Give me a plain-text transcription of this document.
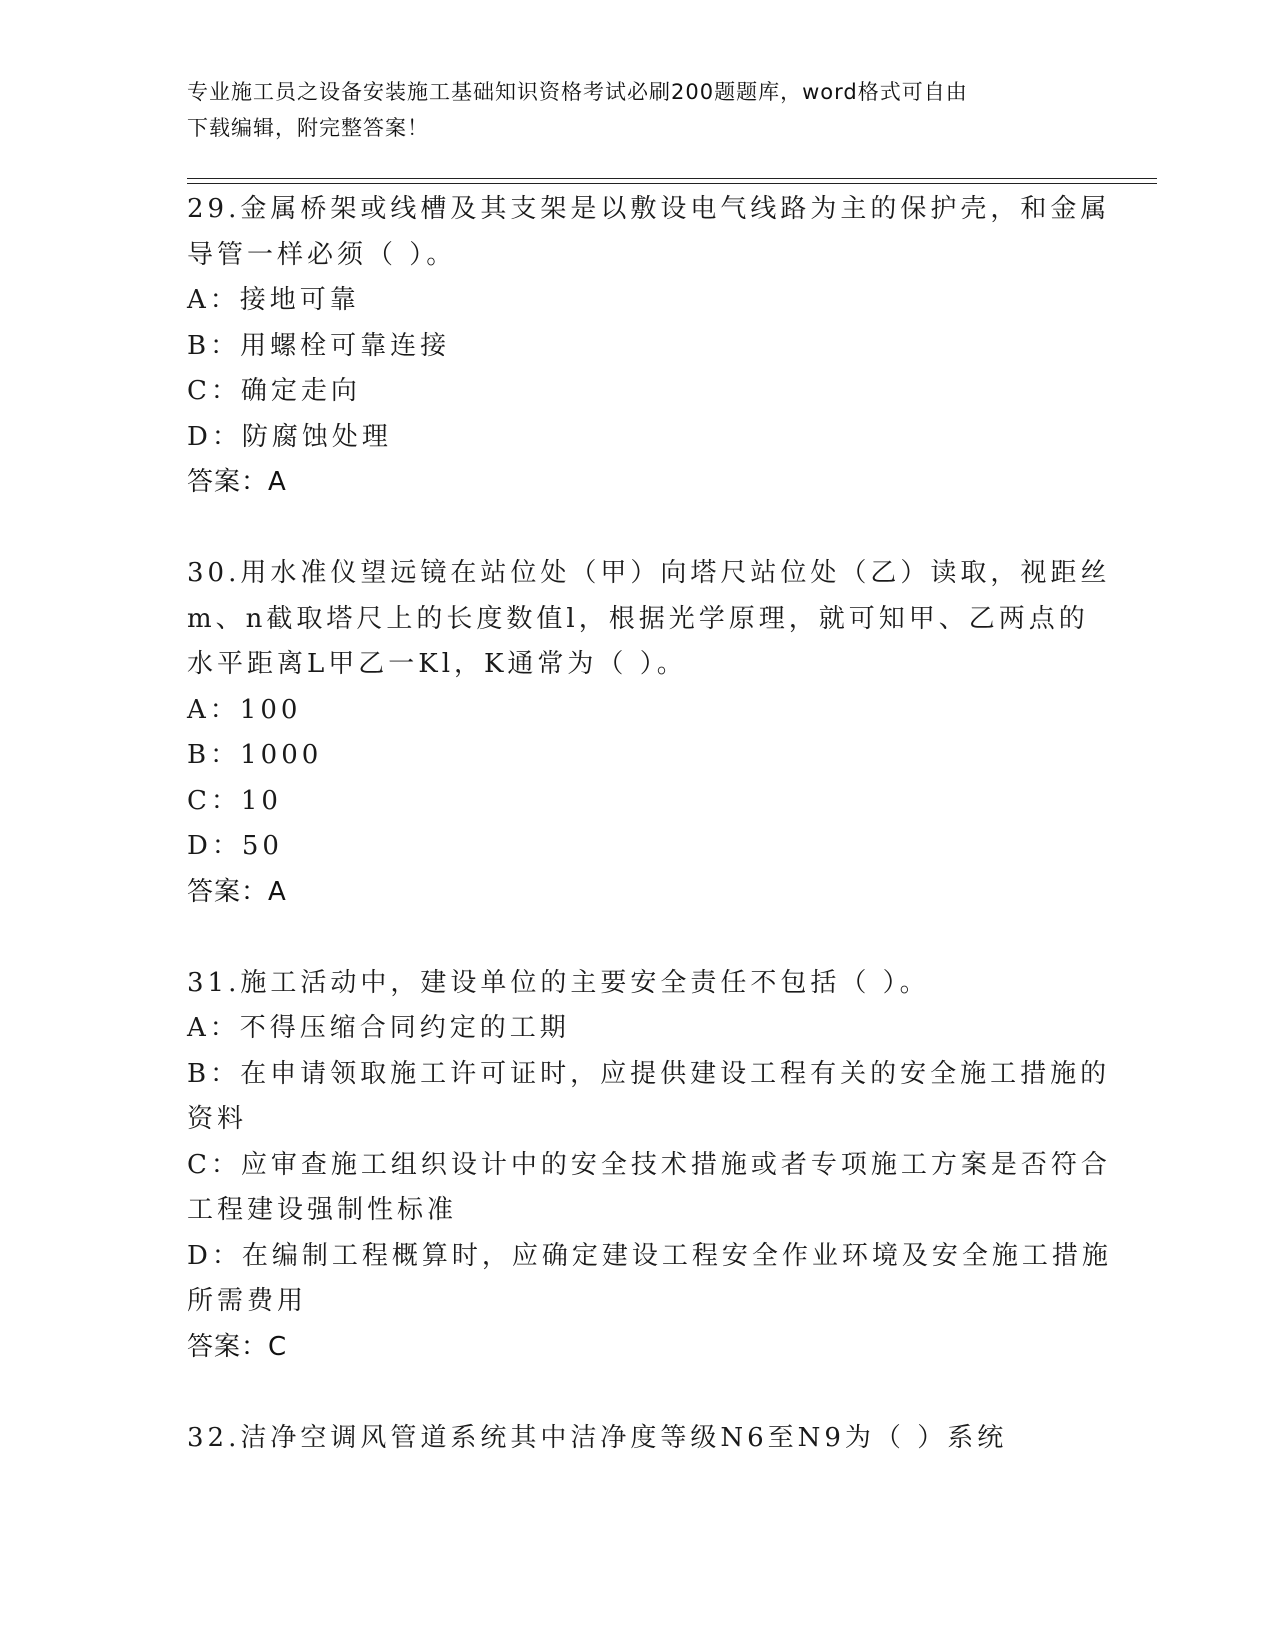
专业施工员之设备安装施工基础知识资格考试必刷200题题库，word格式可自由
下载编辑，附完整答案！
29.金属桥架或线槽及其支架是以敷设电气线路为主的保护壳，和金属
导管一样必须（ ）。
A：接地可靠
B：用螺栓可靠连接
C：确定走向
D：防腐蚀处理
答案：A
30.用水准仪望远镜在站位处（甲）向塔尺站位处（乙）读取，视距丝
m、n截取塔尺上的长度数值l，根据光学原理，就可知甲、乙两点的
水平距离L甲乙一Kl，K通常为（ ）。
A：100
B：1000
C：10
D：50
答案：A
31.施工活动中，建设单位的主要安全责任不包括（ ）。
A：不得压缩合同约定的工期
B：在申请领取施工许可证时，应提供建设工程有关的安全施工措施的
资料
C：应审查施工组织设计中的安全技术措施或者专项施工方案是否符合
工程建设强制性标准
D：在编制工程概算时，应确定建设工程安全作业环境及安全施工措施
所需费用
答案：C
32.洁净空调风管道系统其中洁净度等级N6至N9为（ ）系统
